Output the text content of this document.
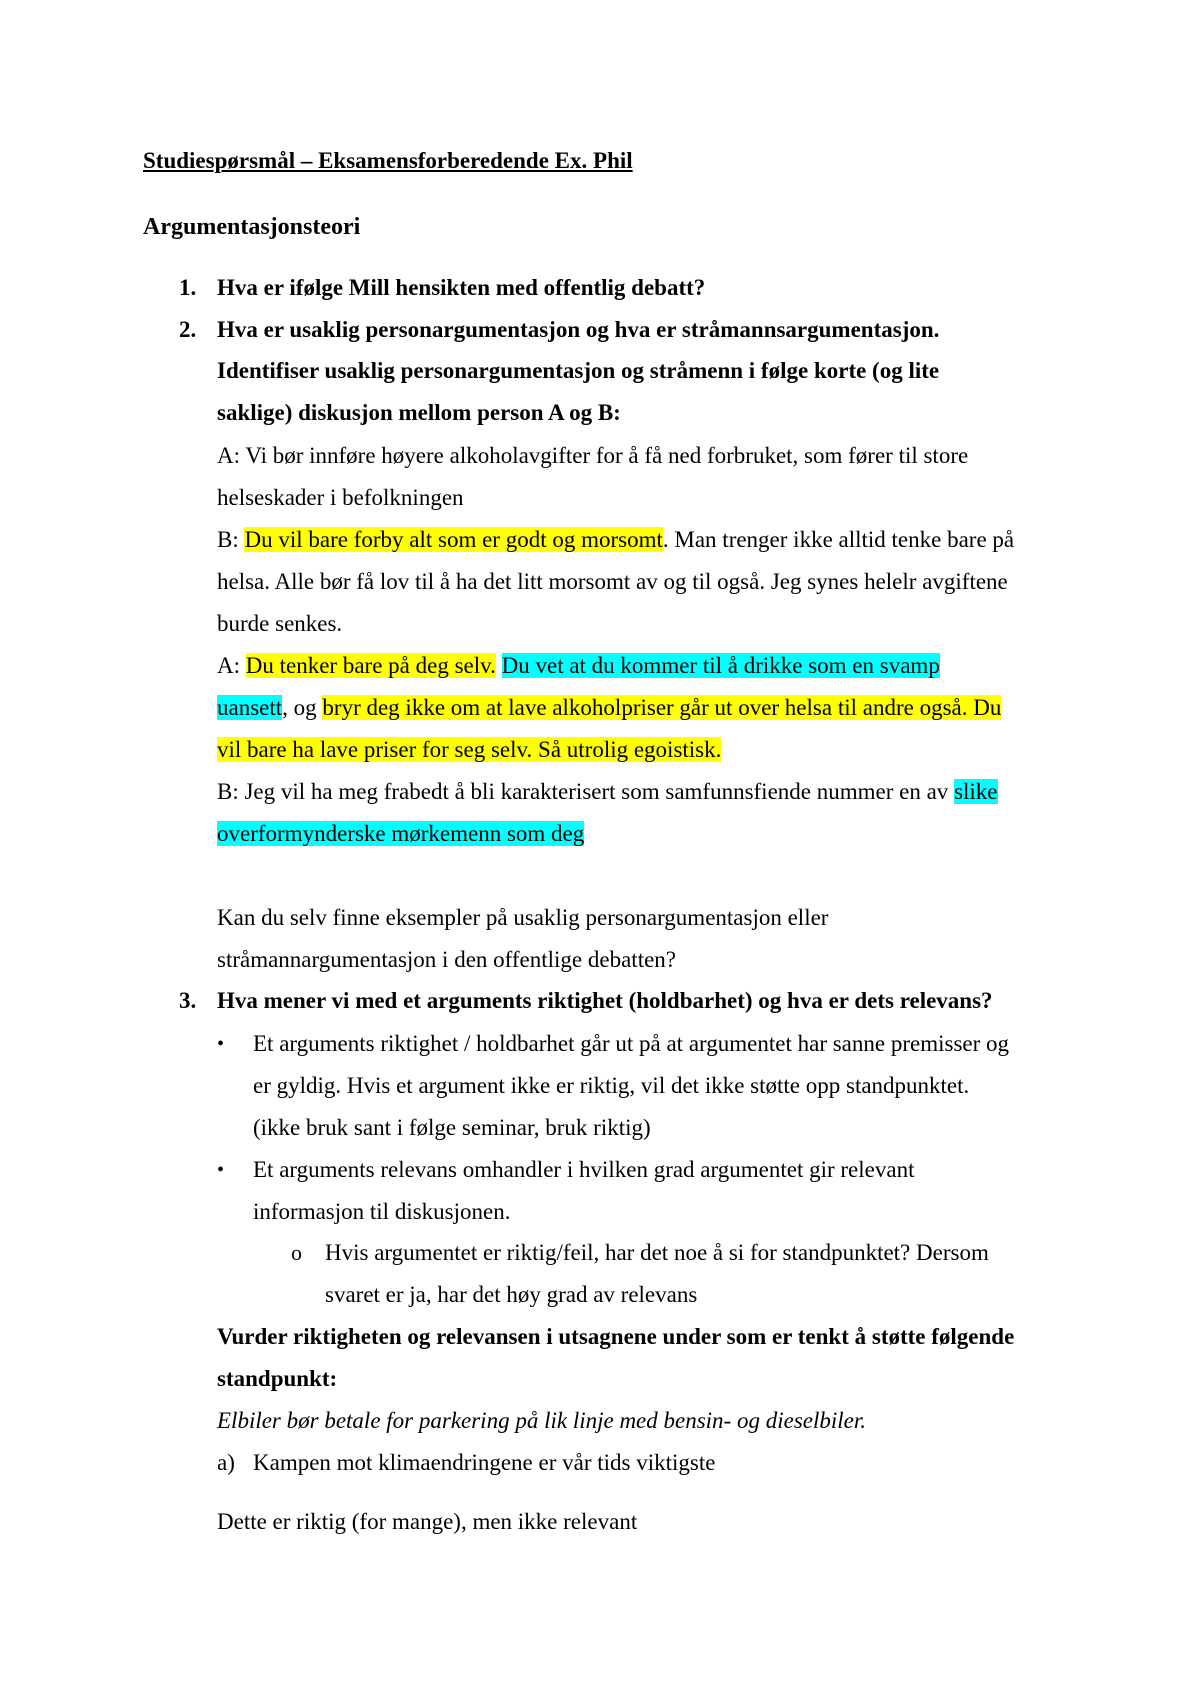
Studiespørsmål – Eksamensforberedende Ex. Phil
Argumentasjonsteori
1. Hva er ifølge Mill hensikten med offentlig debatt?
2. Hva er usaklig personargumentasjon og hva er stråmannsargumentasjon.
Identifiser usaklig personargumentasjon og stråmenn i følge korte (og lite
saklige) diskusjon mellom person A og B:
A: Vi bør innføre høyere alkoholavgifter for å få ned forbruket, som fører til store
helseskader i befolkningen
B: Du vil bare forby alt som er godt og morsomt. Man trenger ikke alltid tenke bare på
helsa. Alle bør få lov til å ha det litt morsomt av og til også. Jeg synes helelr avgiftene
burde senkes.
A: Du tenker bare på deg selv. Du vet at du kommer til å drikke som en svamp
uansett, og bryr deg ikke om at lave alkoholpriser går ut over helsa til andre også. Du
vil bare ha lave priser for seg selv. Så utrolig egoistisk.
B: Jeg vil ha meg frabedt å bli karakterisert som samfunnsfiende nummer en av slike
overformynderske mørkemenn som deg
Kan du selv finne eksempler på usaklig personargumentasjon eller
stråmannargumentasjon i den offentlige debatten?
3. Hva mener vi med et arguments riktighet (holdbarhet) og hva er dets relevans?
• Et arguments riktighet / holdbarhet går ut på at argumentet har sanne premisser og
er gyldig. Hvis et argument ikke er riktig, vil det ikke støtte opp standpunktet.
(ikke bruk sant i følge seminar, bruk riktig)
• Et arguments relevans omhandler i hvilken grad argumentet gir relevant
informasjon til diskusjonen.
o Hvis argumentet er riktig/feil, har det noe å si for standpunktet? Dersom
svaret er ja, har det høy grad av relevans
Vurder riktigheten og relevansen i utsagnene under som er tenkt å støtte følgende
standpunkt:
Elbiler bør betale for parkering på lik linje med bensin- og dieselbiler.
a) Kampen mot klimaendringene er vår tids viktigste
Dette er riktig (for mange), men ikke relevant
